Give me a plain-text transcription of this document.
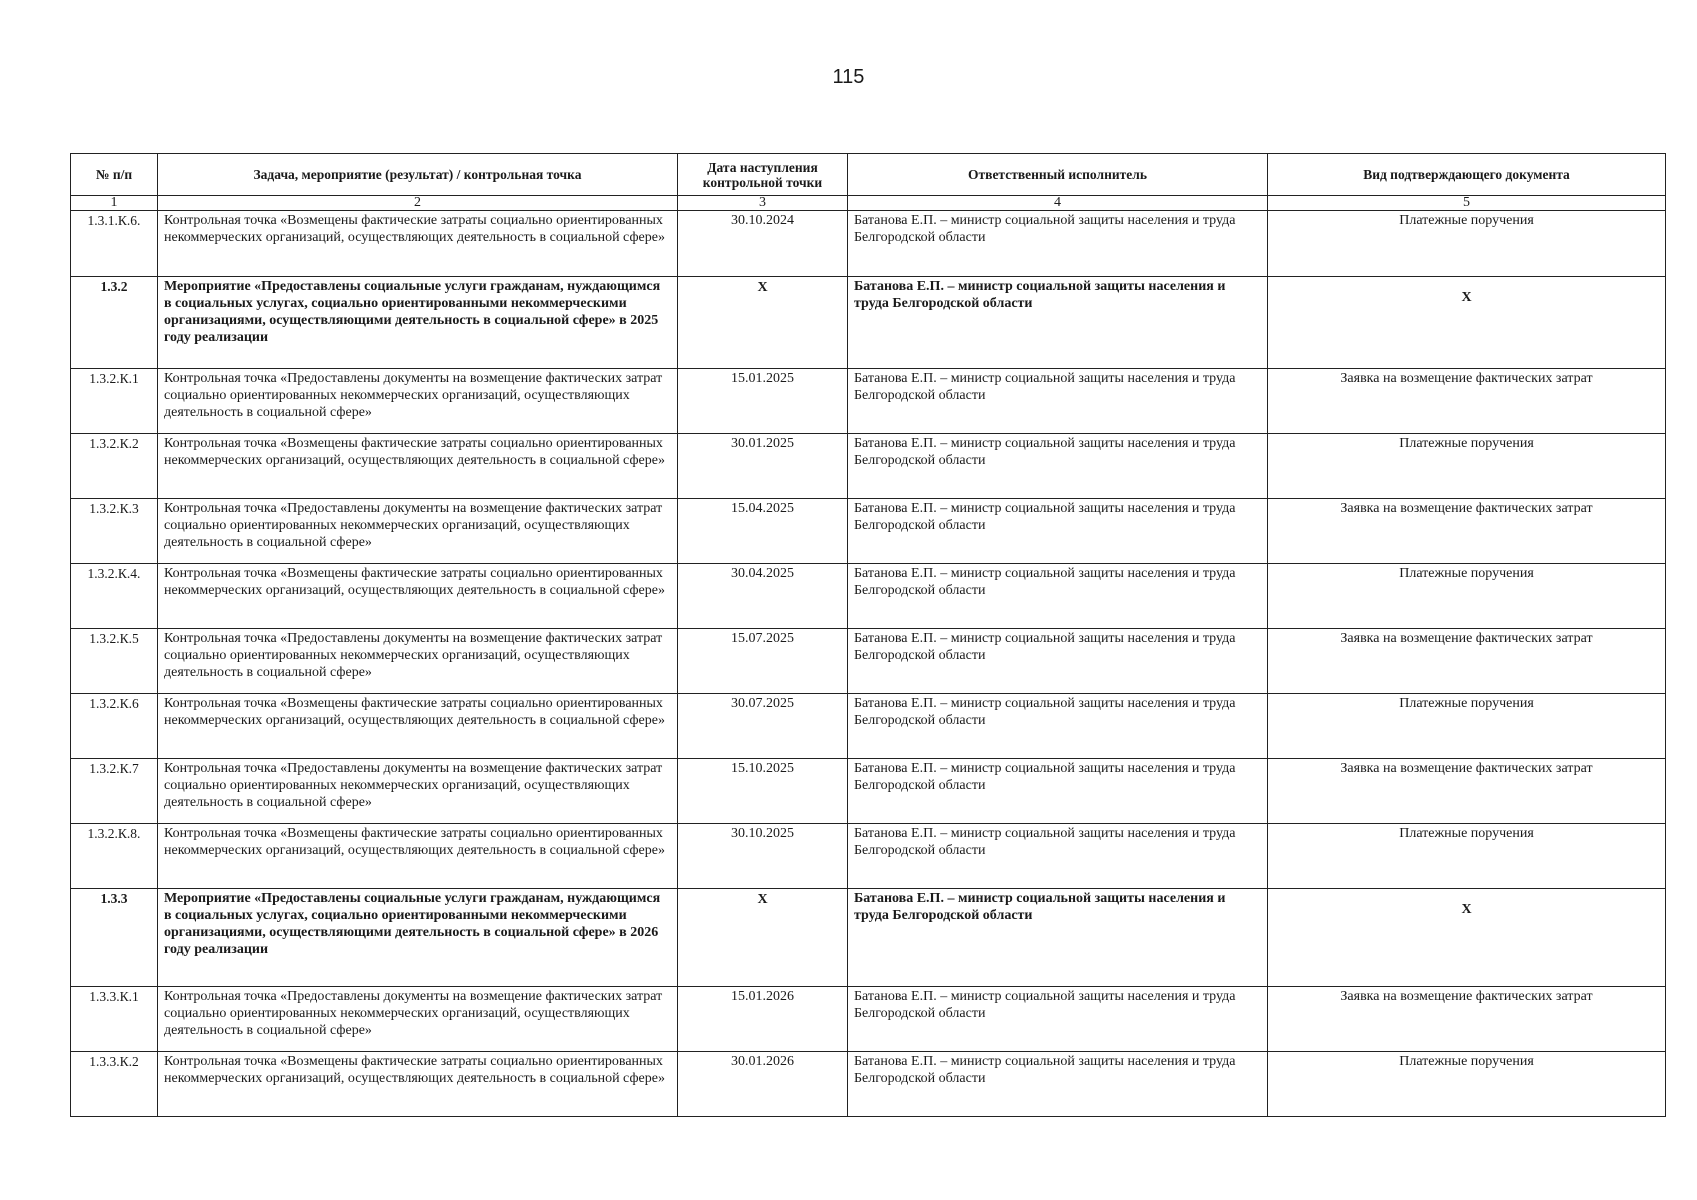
115
№ п/п	Задача, мероприятие (результат) / контрольная точка	Дата наступления контрольной точки	Ответственный исполнитель	Вид подтверждающего документа
1	2	3	4	5
1.3.1.К.6.	Контрольная точка «Возмещены фактические затраты социально ориентированных некоммерческих организаций, осуществляющих деятельность в социальной сфере»	30.10.2024	Батанова Е.П. – министр социальной защиты населения и труда Белгородской области	Платежные поручения
1.3.2	Мероприятие «Предоставлены социальные услуги гражданам, нуждающимся в социальных услугах, социально ориентированными некоммерческими организациями, осуществляющими деятельность в социальной сфере» в 2025 году реализации	X	Батанова Е.П. – министр социальной защиты населения и труда Белгородской области	X
1.3.2.К.1	Контрольная точка «Предоставлены документы на возмещение фактических затрат социально ориентированных некоммерческих организаций, осуществляющих деятельность в социальной сфере»	15.01.2025	Батанова Е.П. – министр социальной защиты населения и труда Белгородской области	Заявка на возмещение фактических затрат
1.3.2.К.2	Контрольная точка «Возмещены фактические затраты социально ориентированных некоммерческих организаций, осуществляющих деятельность в социальной сфере»	30.01.2025	Батанова Е.П. – министр социальной защиты населения и труда Белгородской области	Платежные поручения
1.3.2.К.3	Контрольная точка «Предоставлены документы на возмещение фактических затрат социально ориентированных некоммерческих организаций, осуществляющих деятельность в социальной сфере»	15.04.2025	Батанова Е.П. – министр социальной защиты населения и труда Белгородской области	Заявка на возмещение фактических затрат
1.3.2.К.4.	Контрольная точка «Возмещены фактические затраты социально ориентированных некоммерческих организаций, осуществляющих деятельность в социальной сфере»	30.04.2025	Батанова Е.П. – министр социальной защиты населения и труда Белгородской области	Платежные поручения
1.3.2.К.5	Контрольная точка «Предоставлены документы на возмещение фактических затрат социально ориентированных некоммерческих организаций, осуществляющих деятельность в социальной сфере»	15.07.2025	Батанова Е.П. – министр социальной защиты населения и труда Белгородской области	Заявка на возмещение фактических затрат
1.3.2.К.6	Контрольная точка «Возмещены фактические затраты социально ориентированных некоммерческих организаций, осуществляющих деятельность в социальной сфере»	30.07.2025	Батанова Е.П. – министр социальной защиты населения и труда Белгородской области	Платежные поручения
1.3.2.К.7	Контрольная точка «Предоставлены документы на возмещение фактических затрат социально ориентированных некоммерческих организаций, осуществляющих деятельность в социальной сфере»	15.10.2025	Батанова Е.П. – министр социальной защиты населения и труда Белгородской области	Заявка на возмещение фактических затрат
1.3.2.К.8.	Контрольная точка «Возмещены фактические затраты социально ориентированных некоммерческих организаций, осуществляющих деятельность в социальной сфере»	30.10.2025	Батанова Е.П. – министр социальной защиты населения и труда Белгородской области	Платежные поручения
1.3.3	Мероприятие «Предоставлены социальные услуги гражданам, нуждающимся в социальных услугах, социально ориентированными некоммерческими организациями, осуществляющими деятельность в социальной сфере» в 2026 году реализации	X	Батанова Е.П. – министр социальной защиты населения и труда Белгородской области	X
1.3.3.К.1	Контрольная точка «Предоставлены документы на возмещение фактических затрат социально ориентированных некоммерческих организаций, осуществляющих деятельность в социальной сфере»	15.01.2026	Батанова Е.П. – министр социальной защиты населения и труда Белгородской области	Заявка на возмещение фактических затрат
1.3.3.К.2	Контрольная точка «Возмещены фактические затраты социально ориентированных некоммерческих организаций, осуществляющих деятельность в социальной сфере»	30.01.2026	Батанова Е.П. – министр социальной защиты населения и труда Белгородской области	Платежные поручения
